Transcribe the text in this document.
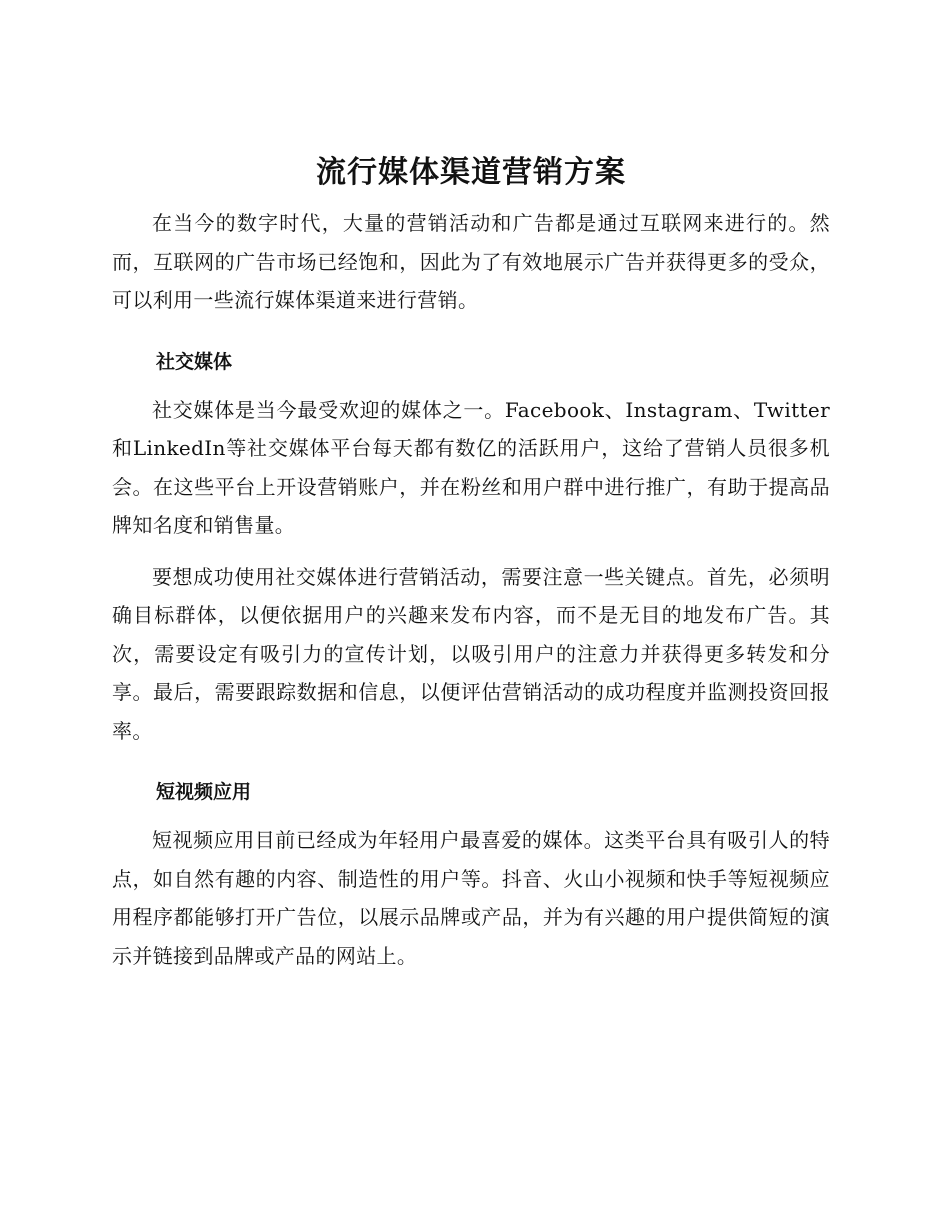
流行媒体渠道营销方案

在当今的数字时代，大量的营销活动和广告都是通过互联网来进行的。然而，互联网的广告市场已经饱和，因此为了有效地展示广告并获得更多的受众，可以利用一些流行媒体渠道来进行营销。

社交媒体

社交媒体是当今最受欢迎的媒体之一。Facebook、Instagram、Twitter和LinkedIn等社交媒体平台每天都有数亿的活跃用户，这给了营销人员很多机会。在这些平台上开设营销账户，并在粉丝和用户群中进行推广，有助于提高品牌知名度和销售量。

要想成功使用社交媒体进行营销活动，需要注意一些关键点。首先，必须明确目标群体，以便依据用户的兴趣来发布内容，而不是无目的地发布广告。其次，需要设定有吸引力的宣传计划，以吸引用户的注意力并获得更多转发和分享。最后，需要跟踪数据和信息，以便评估营销活动的成功程度并监测投资回报率。

短视频应用

短视频应用目前已经成为年轻用户最喜爱的媒体。这类平台具有吸引人的特点，如自然有趣的内容、制造性的用户等。抖音、火山小视频和快手等短视频应用程序都能够打开广告位，以展示品牌或产品，并为有兴趣的用户提供简短的演示并链接到品牌或产品的网站上。
